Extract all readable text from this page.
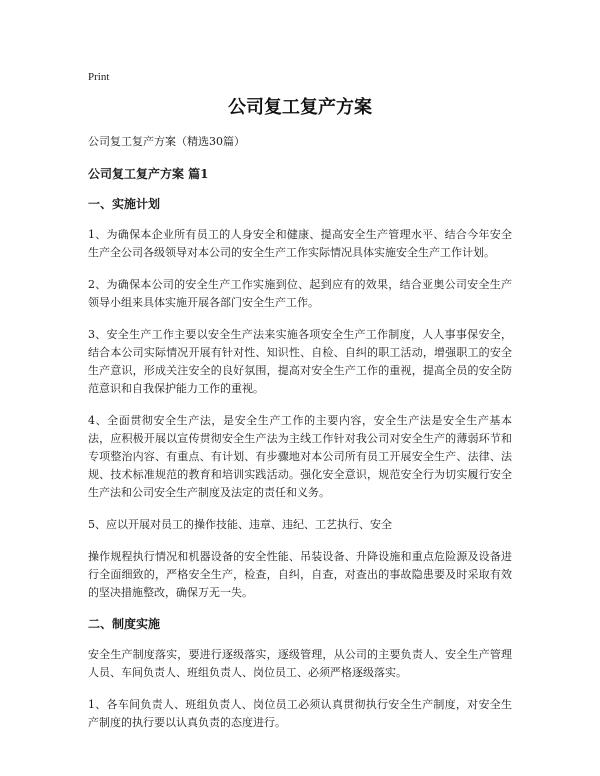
Print
公司复工复产方案

公司复工复产方案（精选30篇）

公司复工复产方案 篇1

一、实施计划

1、为确保本企业所有员工的人身安全和健康、提高安全生产管理水平、结合今年安全生产全公司各级领导对本公司的安全生产工作实际情况具体实施安全生产工作计划。

2、为确保本公司的安全生产工作实施到位、起到应有的效果，结合亚奥公司安全生产领导小组来具体实施开展各部门安全生产工作。

3、安全生产工作主要以安全生产法来实施各项安全生产工作制度，人人事事保安全，结合本公司实际情况开展有针对性、知识性、自检、自纠的职工活动，增强职工的安全生产意识，形成关注安全的良好氛围，提高对安全生产工作的重视，提高全员的安全防范意识和自我保护能力工作的重视。

4、全面贯彻安全生产法，是安全生产工作的主要内容，安全生产法是安全生产基本法，应积极开展以宣传贯彻安全生产法为主线工作针对我公司对安全生产的薄弱环节和专项整治内容、有重点、有计划、有步骤地对本公司所有员工开展安全生产、法律、法规、技术标准规范的教育和培训实践活动。强化安全意识，规范安全行为切实履行安全生产法和公司安全生产制度及法定的责任和义务。

5、应以开展对员工的操作技能、违章、违纪、工艺执行、安全

操作规程执行情况和机器设备的安全性能、吊装设备、升降设施和重点危险源及设备进行全面细致的，严格安全生产，检查，自纠，自查，对查出的事故隐患要及时采取有效的坚决措施整改，确保万无一失。

二、制度实施

安全生产制度落实，要进行逐级落实，逐级管理，从公司的主要负责人、安全生产管理人员、车间负责人、班组负责人、岗位员工、必须严格逐级落实。

1、各车间负责人、班组负责人、岗位员工必须认真贯彻执行安全生产制度，对安全生产制度的执行要以认真负责的态度进行。
